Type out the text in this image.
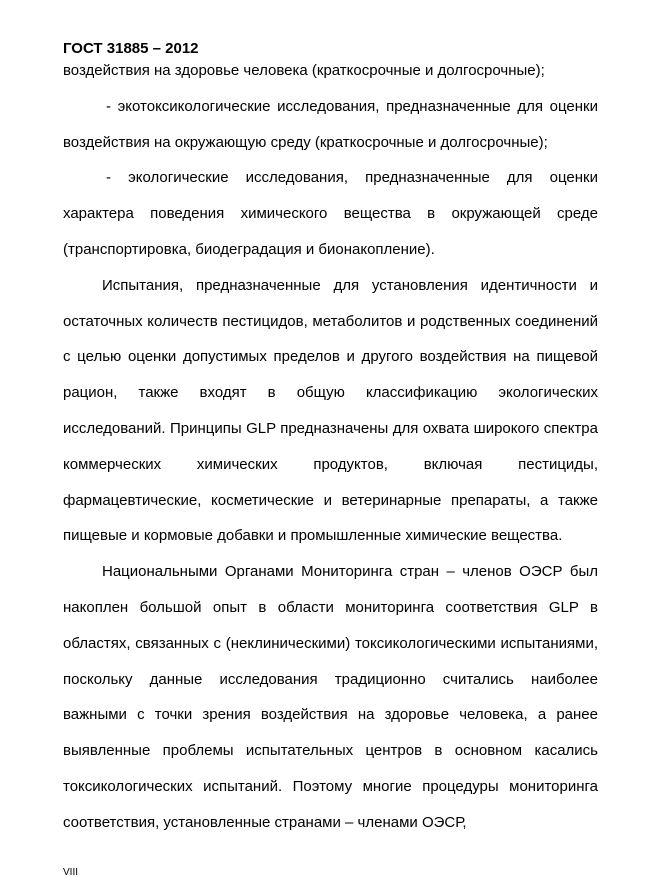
ГОСТ 31885 – 2012

воздействия на здоровье человека (краткосрочные и долгосрочные);

- экотоксикологические исследования, предназначенные для оценки воздействия на окружающую среду (краткосрочные и долгосрочные);

- экологические исследования, предназначенные для оценки характера поведения химического вещества в окружающей среде (транспортировка, биодеградация и бионакопление).

Испытания, предназначенные для установления идентичности и остаточных количеств пестицидов, метаболитов и родственных соединений с целью оценки допустимых пределов и другого воздействия на пищевой рацион, также входят в общую классификацию экологических исследований. Принципы GLP предназначены для охвата широкого спектра коммерческих химических продуктов, включая пестициды, фармацевтические, косметические и ветеринарные препараты, а также пищевые и кормовые добавки и промышленные химические вещества.

Национальными Органами Мониторинга стран – членов ОЭСР был накоплен большой опыт в области мониторинга соответствия GLP в областях, связанных с (неклиническими) токсикологическими испытаниями, поскольку данные исследования традиционно считались наиболее важными с точки зрения воздействия на здоровье человека, а ранее выявленные проблемы испытательных центров в основном касались токсикологических испытаний. Поэтому многие процедуры мониторинга соответствия, установленные странами – членами ОЭСР,

VIII
